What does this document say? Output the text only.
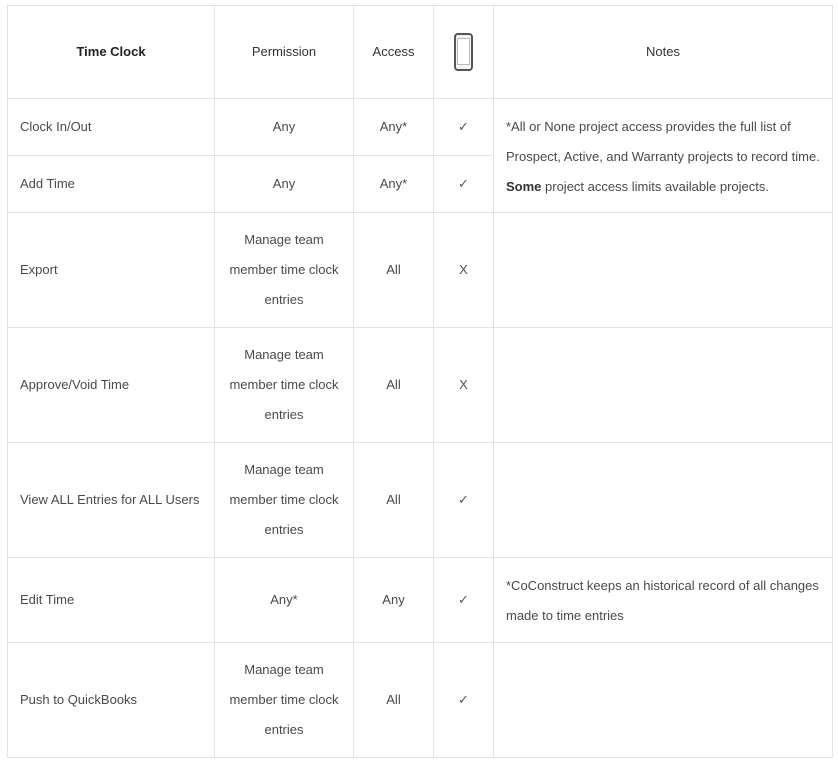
Time Clock	Permission	Access		Notes
Clock In/Out	Any	Any*	✓	*All or None project access provides the full list of Prospect, Active, and Warranty projects to record time. Some project access limits available projects.
Add Time	Any	Any*	✓	
Export	Manage team member time clock entries	All	X	
Approve/Void Time	Manage team member time clock entries	All	X	
View ALL Entries for ALL Users	Manage team member time clock entries	All	✓	
Edit Time	Any*	Any	✓	*CoConstruct keeps an historical record of all changes made to time entries
Push to QuickBooks	Manage team member time clock entries	All	✓	
